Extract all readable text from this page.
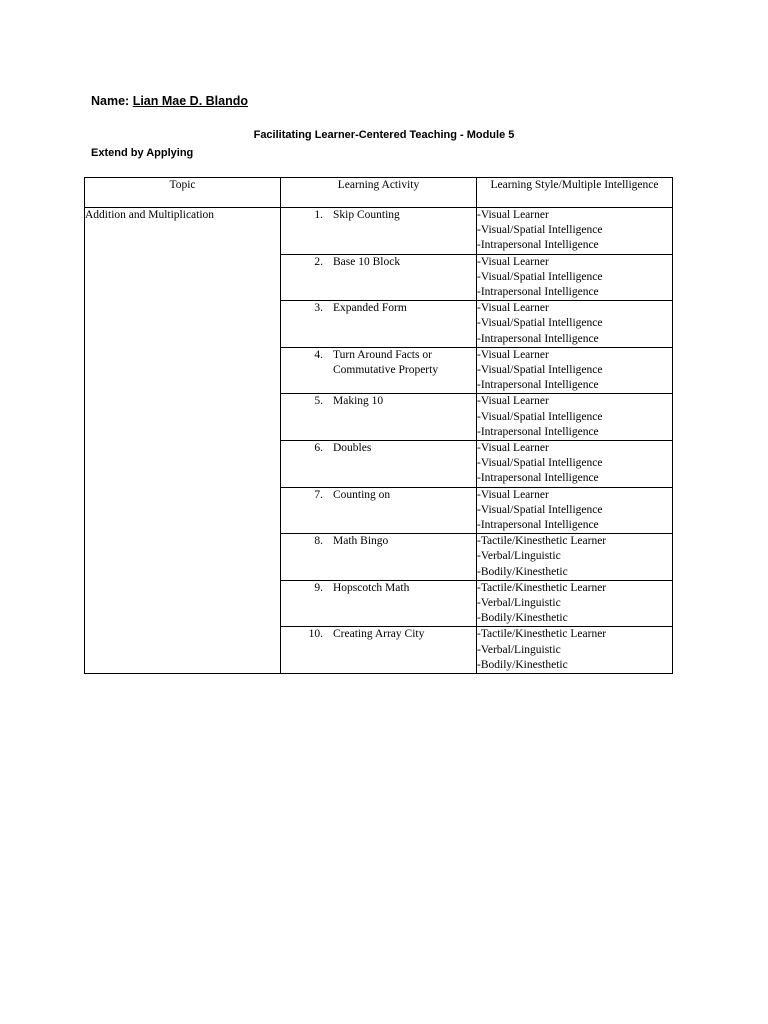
Name: Lian Mae D. Blando
Facilitating Learner-Centered Teaching - Module 5
Extend by Applying
Topic	Learning Activity	Learning Style/Multiple Intelligence
Addition and Multiplication	1. Skip Counting	-Visual Learner
-Visual/Spatial Intelligence
-Intrapersonal Intelligence

	2. Base 10 Block	-Visual Learner
-Visual/Spatial Intelligence
-Intrapersonal Intelligence

	3. Expanded Form	-Visual Learner
-Visual/Spatial Intelligence
-Intrapersonal Intelligence

	4. Turn Around Facts or Commutative Property	-Visual Learner
-Visual/Spatial Intelligence
-Intrapersonal Intelligence

	5. Making 10	-Visual Learner
-Visual/Spatial Intelligence
-Intrapersonal Intelligence

	6. Doubles	-Visual Learner
-Visual/Spatial Intelligence
-Intrapersonal Intelligence

	7. Counting on	-Visual Learner
-Visual/Spatial Intelligence
-Intrapersonal Intelligence

	8. Math Bingo	-Tactile/Kinesthetic Learner
-Verbal/Linguistic
-Bodily/Kinesthetic

	9. Hopscotch Math	-Tactile/Kinesthetic Learner
-Verbal/Linguistic
-Bodily/Kinesthetic

	10. Creating Array City	-Tactile/Kinesthetic Learner
-Verbal/Linguistic
-Bodily/Kinesthetic
